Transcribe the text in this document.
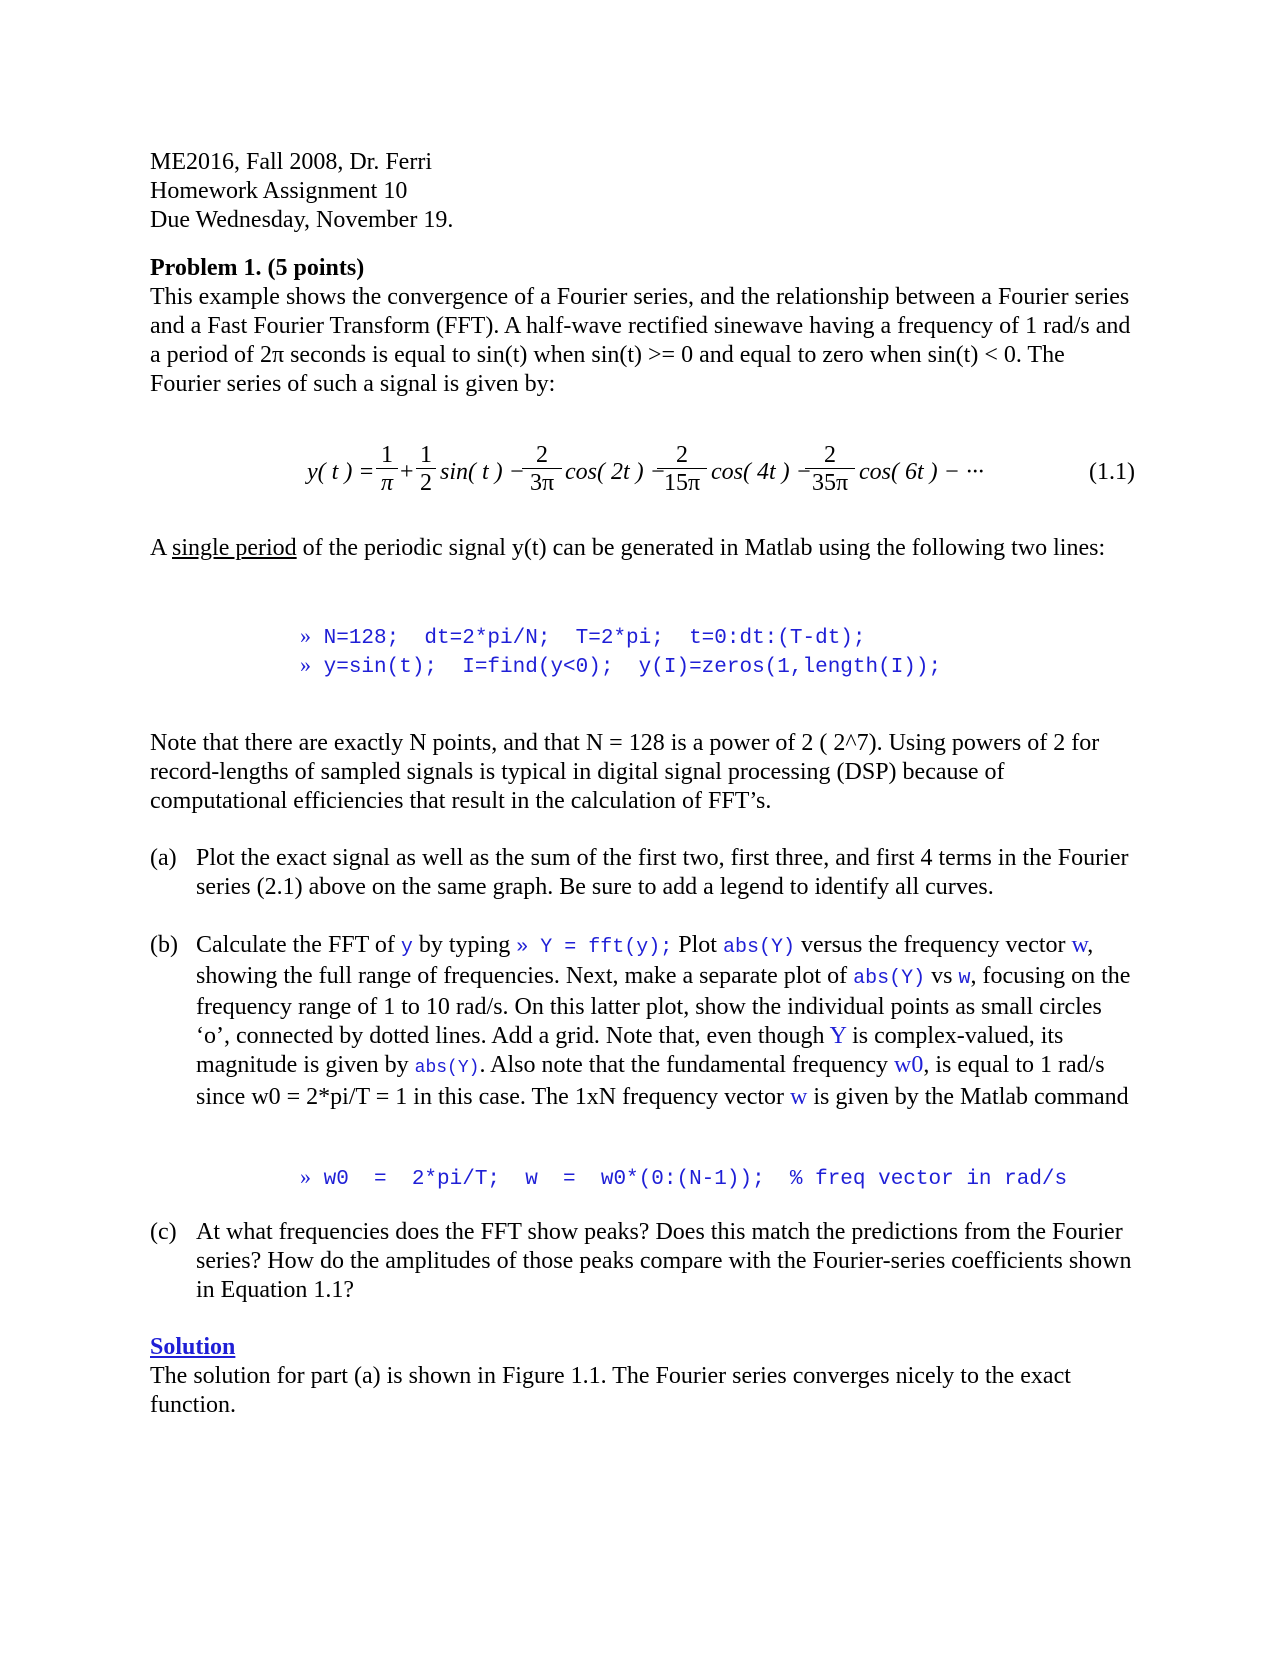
ME2016, Fall 2008, Dr. Ferri
Homework Assignment 10
Due Wednesday, November 19.
Problem 1. (5 points)

This example shows the convergence of a Fourier series, and the relationship between a Fourier series and a Fast Fourier Transform (FFT). A half-wave rectified sinewave having a frequency of 1 rad/s and a period of 2π seconds is equal to sin(t) when sin(t) >= 0 and equal to zero when sin(t) < 0. The Fourier series of such a signal is given by:

y( t ) = $\frac{1}{\pi} + \frac{1}{2} \sin$( t ) −
$\frac{2}{3\pi} \cos$( 2t ) −
$\frac{2}{15\pi} \cos$( 4t ) −
$\frac{2}{35\pi} \cos$( 6t ) − ···	(1.1)

A single period of the periodic signal y(t) can be generated in Matlab using the following two lines:

» N=128;  dt=2*pi/N;  T=2*pi;  t=0:dt:(T-dt);
» y=sin(t);  I=find(y<0);  y(I)=zeros(1,length(I));

Note that there are exactly N points, and that N = 128 is a power of 2 ( 2^7). Using powers of 2 for record-lengths of sampled signals is typical in digital signal processing (DSP) because of computational efficiencies that result in the calculation of FFT’s.

(a) Plot the exact signal as well as the sum of the first two, first three, and first 4 terms in the Fourier series (2.1) above on the same graph. Be sure to add a legend to identify all curves.
(b) Calculate the FFT of y by typing » Y = fft(y); Plot abs(Y) versus the frequency vector w, showing the full range of frequencies. Next, make a separate plot of abs(Y) vs w, focusing on the frequency range of 1 to 10 rad/s. On this latter plot, show the individual points as small circles ‘o’, connected by dotted lines. Add a grid. Note that, even though Y is complex-valued, its magnitude is given by abs(Y). Also note that the fundamental frequency w0, is equal to 1 rad/s since w0 = 2*pi/T = 1 in this case. The 1xN frequency vector w is given by the Matlab command
» w0  =  2*pi/T;  w  =  w0*(0:(N-1));  % freq vector in rad/s
(c) At what frequencies does the FFT show peaks? Does this match the predictions from the Fourier series? How do the amplitudes of those peaks compare with the Fourier-series coefficients shown in Equation 1.1?
Solution

The solution for part (a) is shown in Figure 1.1. The Fourier series converges nicely to the exact function.
